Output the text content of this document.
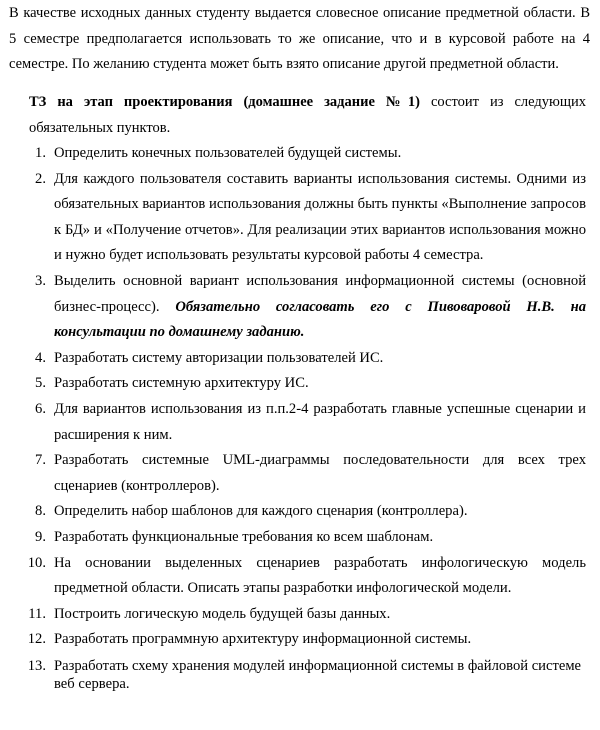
В качестве исходных данных студенту выдается словесное описание предметной области. В 5 семестре предполагается использовать то же описание, что и в курсовой работе на 4 семестре. По желанию студента может быть взято описание другой предметной области.

ТЗ на этап проектирования (домашнее задание №1) состоит из следующих обязательных пунктов.

1. Определить конечных пользователей будущей системы.
2. Для каждого пользователя составить варианты использования системы. Одними из обязательных вариантов использования должны быть пункты «Выполнение запросов к БД» и «Получение отчетов». Для реализации этих вариантов использования можно и нужно будет использовать результаты курсовой работы 4 семестра.
3. Выделить основной вариант использования информационной системы (основной бизнес-процесс). Обязательно согласовать его с Пивоваровой Н.В. на консультации по домашнему заданию.
4. Разработать систему авторизации пользователей ИС.
5. Разработать системную архитектуру ИС.
6. Для вариантов использования из п.п.2-4 разработать главные успешные сценарии и расширения к ним.
7. Разработать системные UML-диаграммы последовательности для всех трех сценариев (контроллеров).
8. Определить набор шаблонов для каждого сценария (контроллера).
9. Разработать функциональные требования ко всем шаблонам.
10. На основании выделенных сценариев разработать инфологическую модель предметной области. Описать этапы разработки инфологической модели.
11. Построить логическую модель будущей базы данных.
12. Разработать программную архитектуру информационной системы.
13. Разработать схему хранения модулей информационной системы в файловой системе веб сервера.
